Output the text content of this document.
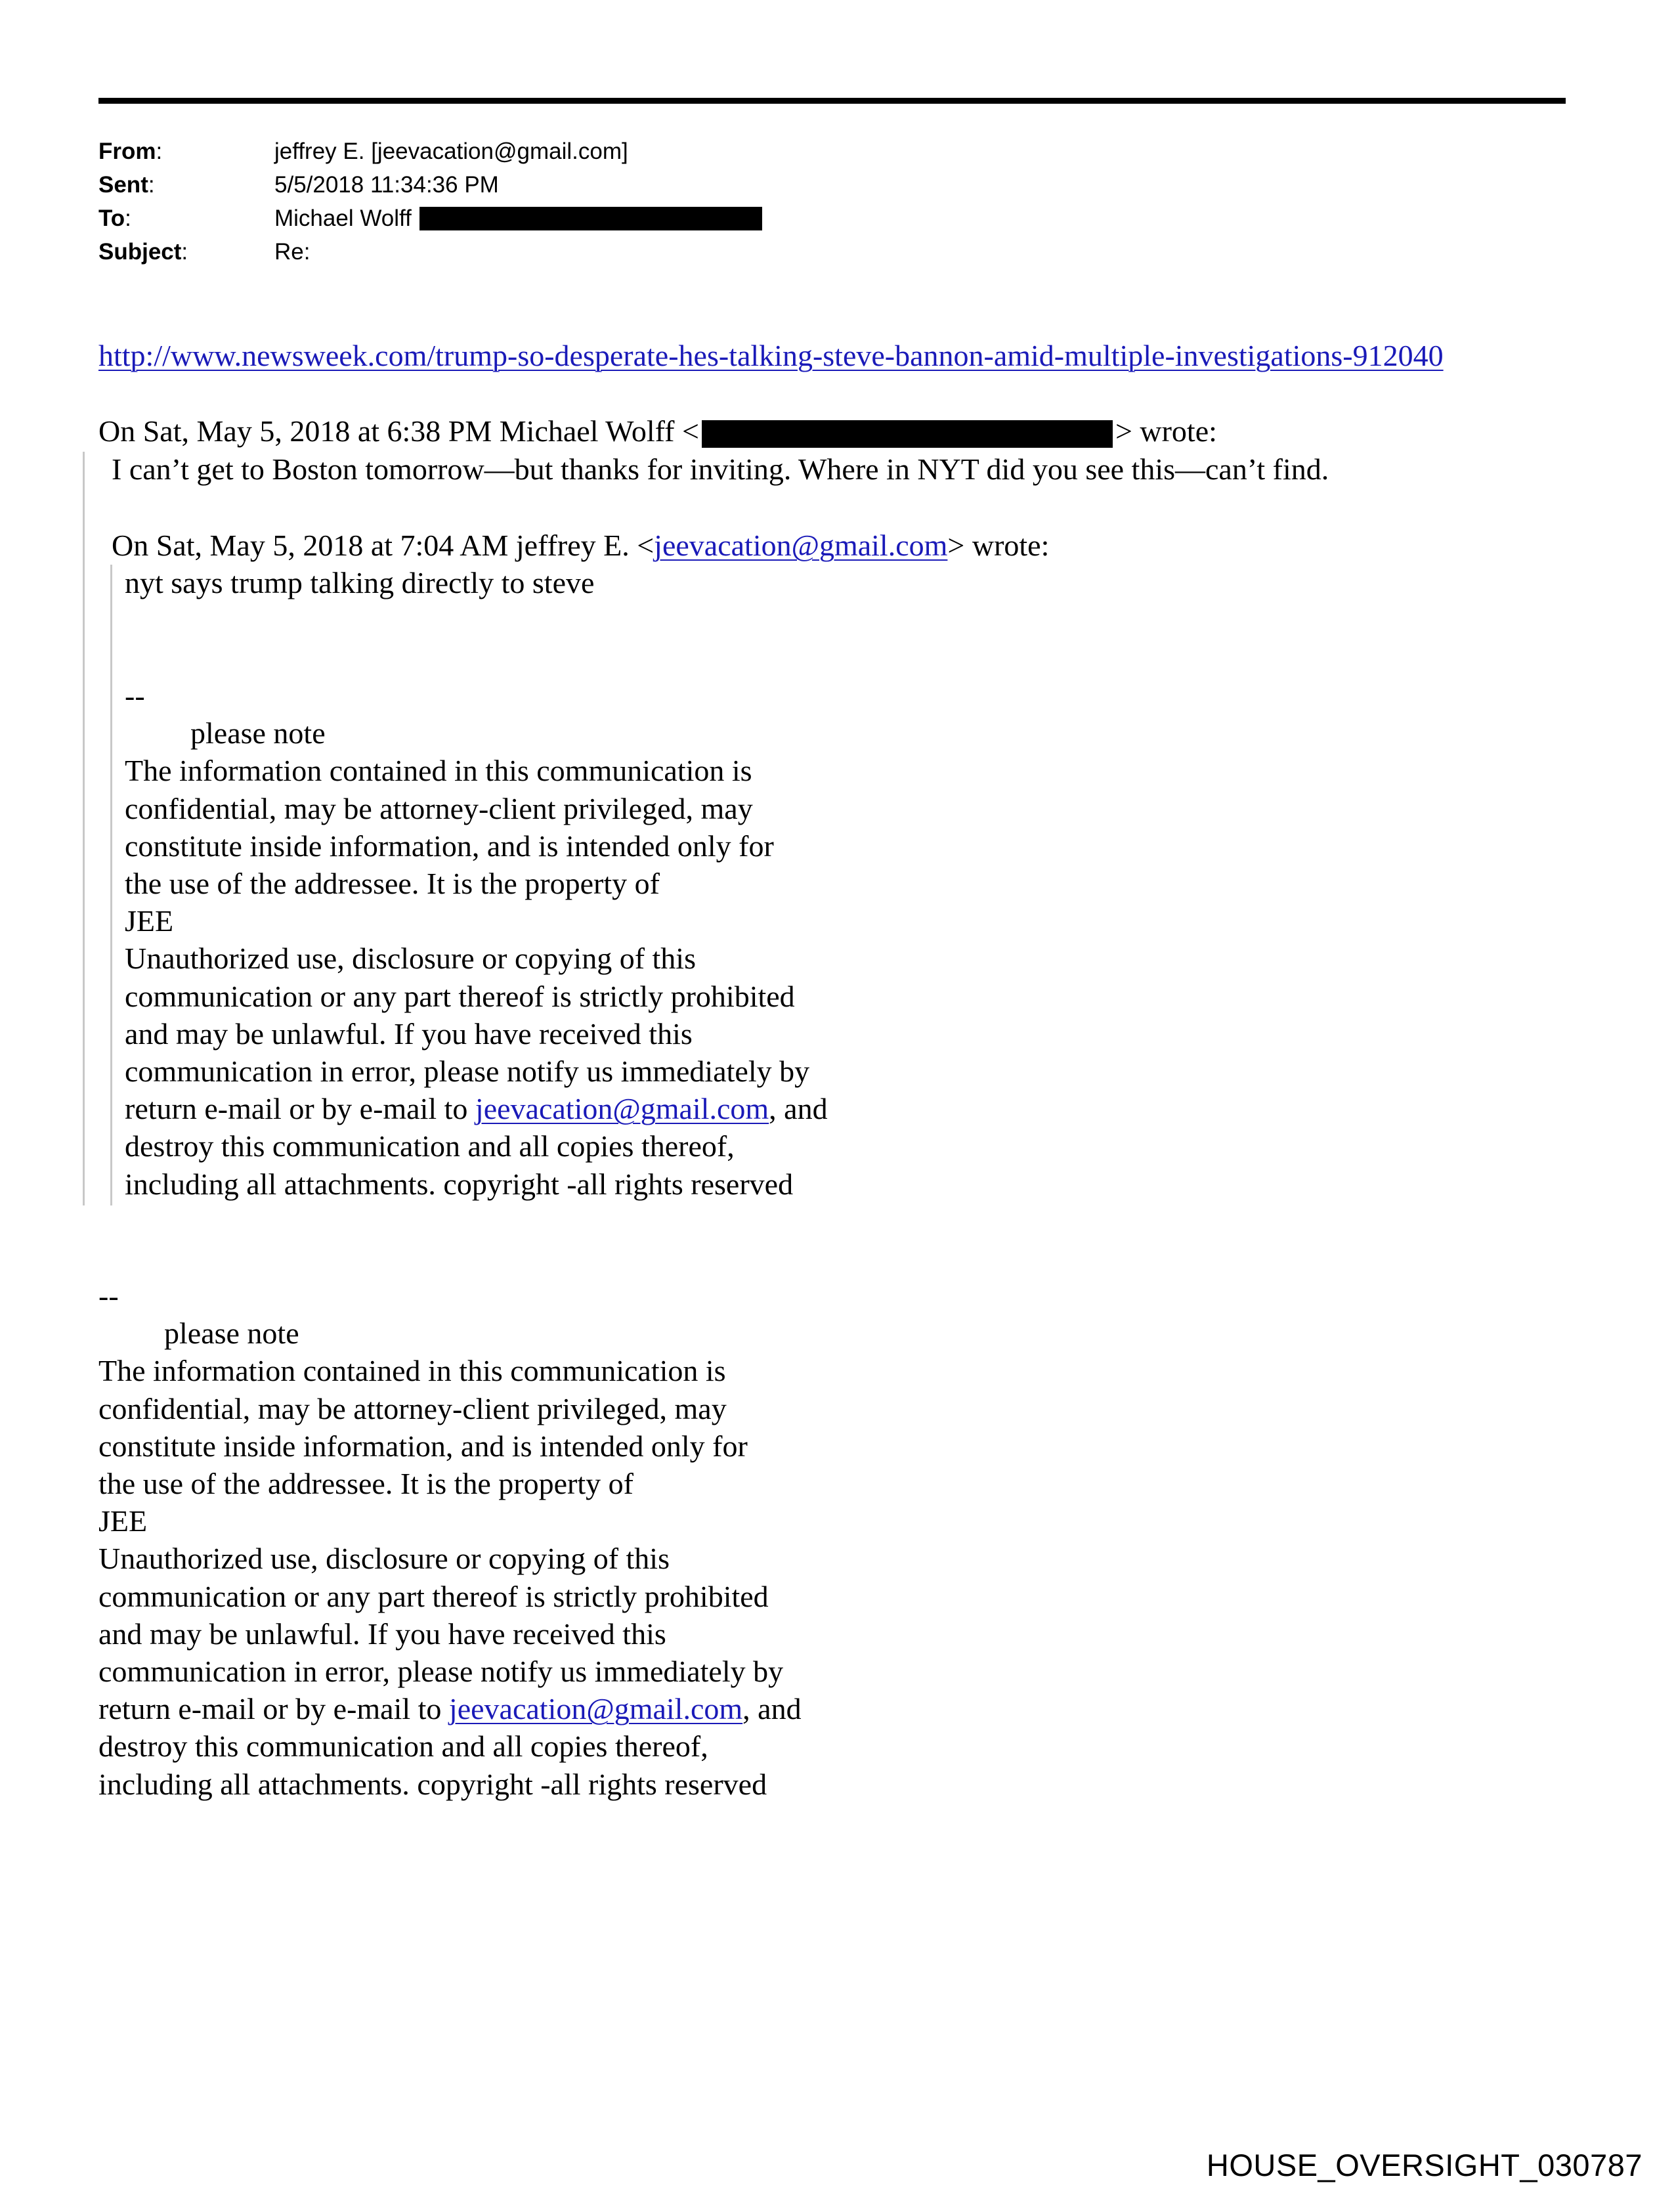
From:	jeffrey E. [jeevacation@gmail.com]
Sent:	5/5/2018 11:34:36 PM
To:	Michael Wolff
Subject:	Re:
http://www.newsweek.com/trump-so-desperate-hes-talking-steve-bannon-amid-multiple-investigations-912040
On Sat, May 5, 2018 at 6:38 PM Michael Wolff <	> wrote:
I can’t get to Boston tomorrow—but thanks for inviting. Where in NYT did you see this—can’t find.
On Sat, May 5, 2018 at 7:04 AM jeffrey E. <jeevacation@gmail.com> wrote:
nyt says trump talking directly to steve
--
please note
The information contained in this communication is
confidential, may be attorney-client privileged, may
constitute inside information, and is intended only for
the use of the addressee. It is the property of
JEE
Unauthorized use, disclosure or copying of this
communication or any part thereof is strictly prohibited
and may be unlawful. If you have received this
communication in error, please notify us immediately by
return e-mail or by e-mail to jeevacation@gmail.com, and
destroy this communication and all copies thereof,
including all attachments. copyright -all rights reserved
--
please note
The information contained in this communication is
confidential, may be attorney-client privileged, may
constitute inside information, and is intended only for
the use of the addressee. It is the property of
JEE
Unauthorized use, disclosure or copying of this
communication or any part thereof is strictly prohibited
and may be unlawful. If you have received this
communication in error, please notify us immediately by
return e-mail or by e-mail to jeevacation@gmail.com, and
destroy this communication and all copies thereof,
including all attachments. copyright -all rights reserved
HOUSE_OVERSIGHT_030787
